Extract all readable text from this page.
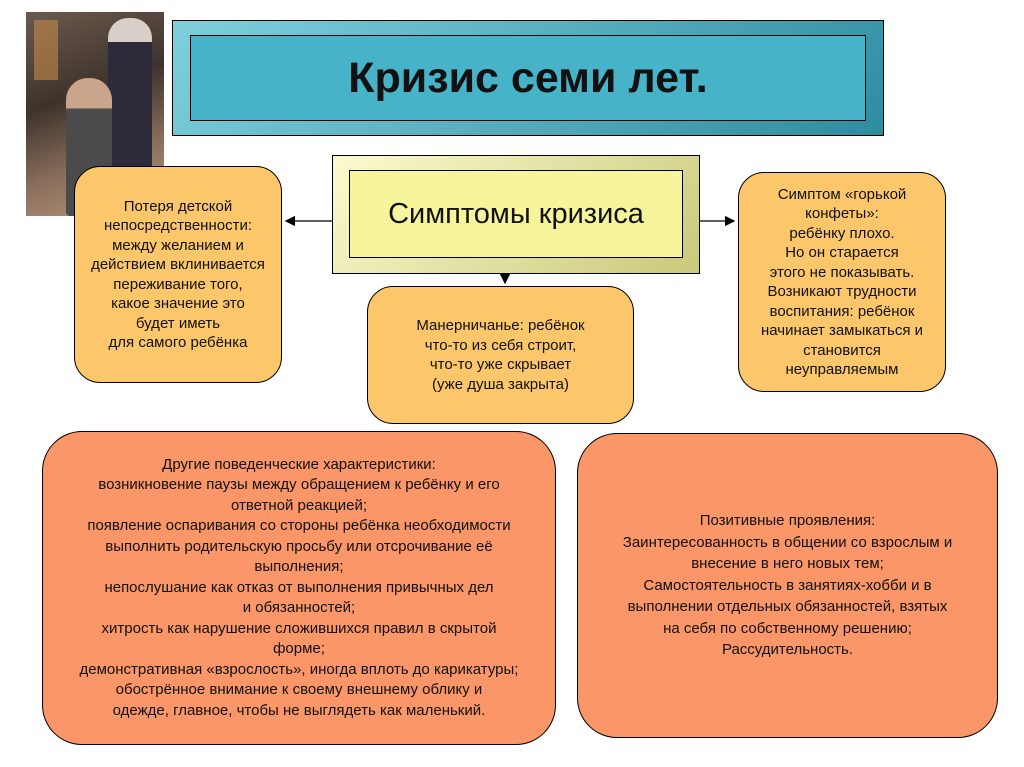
Кризис семи лет.
Симптомы кризиса
Потеря детской
непосредственности:
между желанием и
действием вклинивается
переживание того,
какое значение это
будет иметь
для самого ребёнка
Симптом «горькой
конфеты»:
ребёнку плохо.
Но он старается
этого не показывать.
Возникают трудности
воспитания: ребёнок
начинает замыкаться и
становится
неуправляемым
Манерничанье: ребёнок
что-то из себя строит,
что-то уже скрывает
(уже душа закрыта)
Другие поведенческие характеристики:
возникновение паузы между обращением к ребёнку и его
ответной реакцией;
появление оспаривания со стороны ребёнка необходимости
выполнить родительскую просьбу или отсрочивание её
выполнения;
непослушание как отказ от выполнения привычных дел
и обязанностей;
хитрость как нарушение сложившихся правил в скрытой
форме;
демонстративная «взрослость», иногда вплоть до карикатуры;
обострённое внимание к своему внешнему облику и
одежде, главное, чтобы не выглядеть как маленький.
Позитивные проявления:
Заинтересованность в общении со взрослым и
внесение в него новых тем;
Самостоятельность в занятиях-хобби и в
выполнении отдельных обязанностей, взятых
на себя по собственному решению;
Рассудительность.
